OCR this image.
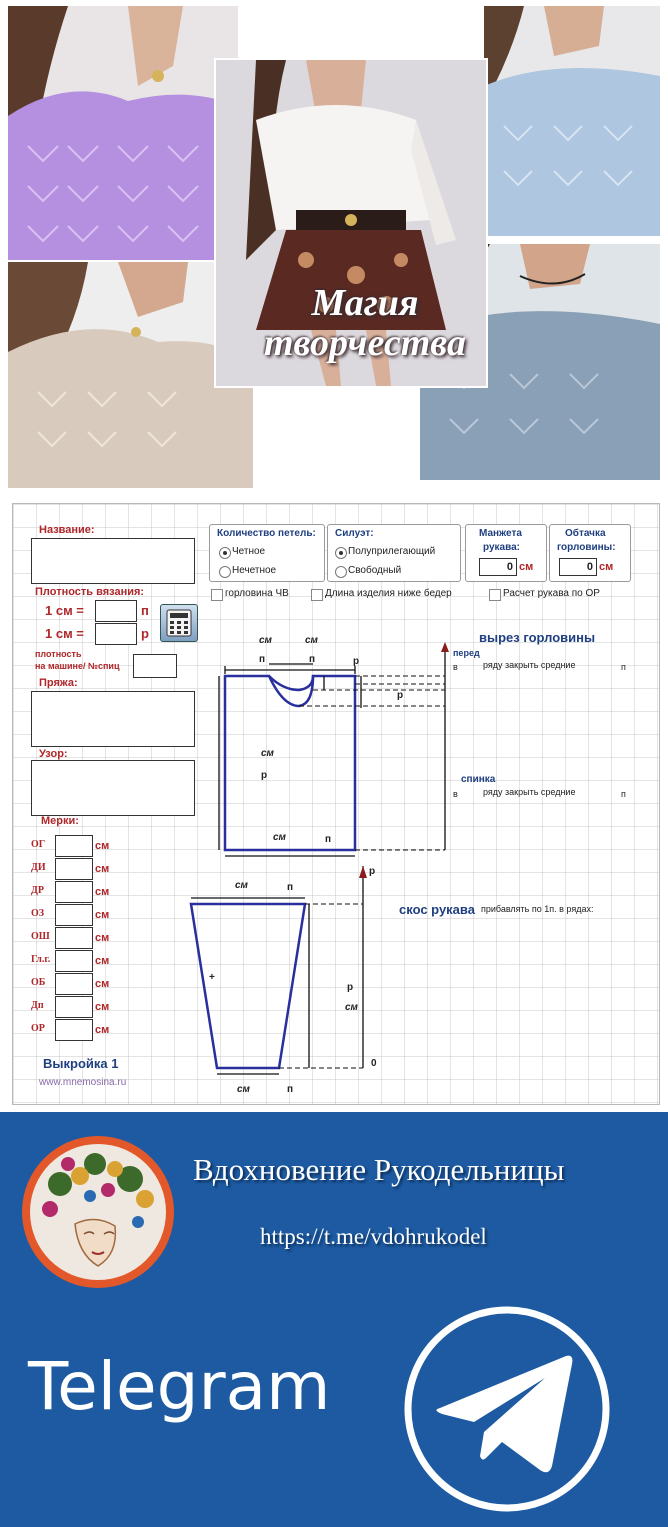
Магия
творчества
Название:
Плотность вязания:
1 см =	п
1 см =	р
плотность
на машине/ №спиц
Пряжа:
Узор:
Мерки:
ОГ	см
ДИ	см
ДР	см
ОЗ	см
ОШ	см
Гл.г.	см
ОБ	см
Дп	см
ОР	см
Выкройка 1
www.mnemosina.ru
Количество петель:
Четное
Нечетное
Силуэт:
Полуприлегающий
Свободный
Манжета
рукава:
0 см
Обтачка
горловины:
0 см
горловина ЧВ	Длина изделия ниже бедер	Расчет рукава по ОР
см
п
см
п	р
р
см
р
см	п
см	п
+
р
см
0
см	п
р
вырез горловины
перед
в	ряду закрыть средние	п
спинка
в	ряду закрыть средние	п
скос рукава прибавлять по 1п. в рядах:
Вдохновение Рукодельницы
https://t.me/vdohrukodel
Telegram
